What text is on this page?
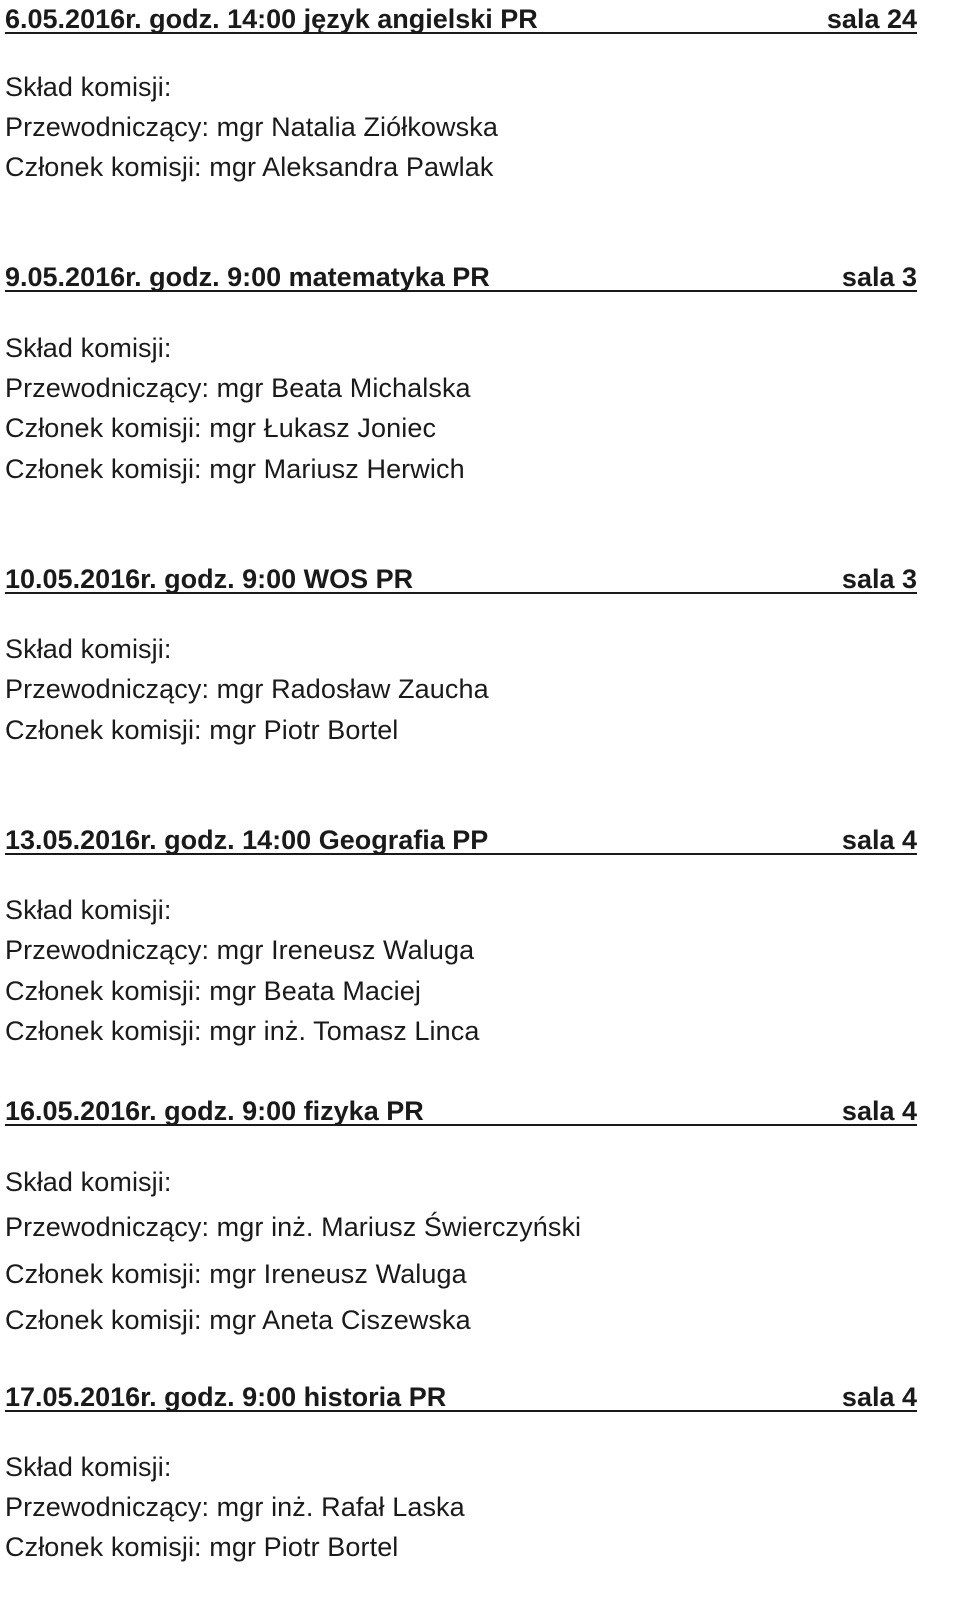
6.05.2016r. godz. 14:00 język angielski PR	sala 24
Skład komisji:
Przewodniczący: mgr Natalia Ziółkowska
Członek komisji: mgr Aleksandra Pawlak
9.05.2016r. godz. 9:00 matematyka PR	sala 3
Skład komisji:
Przewodniczący: mgr Beata Michalska
Członek komisji: mgr Łukasz Joniec
Członek komisji: mgr Mariusz Herwich
10.05.2016r. godz. 9:00 WOS PR	sala 3
Skład komisji:
Przewodniczący: mgr Radosław Zaucha
Członek komisji: mgr Piotr Bortel
13.05.2016r. godz. 14:00 Geografia PP	sala 4
Skład komisji:
Przewodniczący: mgr Ireneusz Waluga
Członek komisji: mgr Beata Maciej
Członek komisji: mgr inż. Tomasz Linca
16.05.2016r. godz. 9:00 fizyka PR	sala 4
Skład komisji:
Przewodniczący: mgr inż. Mariusz Świerczyński
Członek komisji: mgr Ireneusz Waluga
Członek komisji: mgr Aneta Ciszewska
17.05.2016r. godz. 9:00 historia PR	sala 4
Skład komisji:
Przewodniczący: mgr inż. Rafał Laska
Członek komisji: mgr Piotr Bortel
